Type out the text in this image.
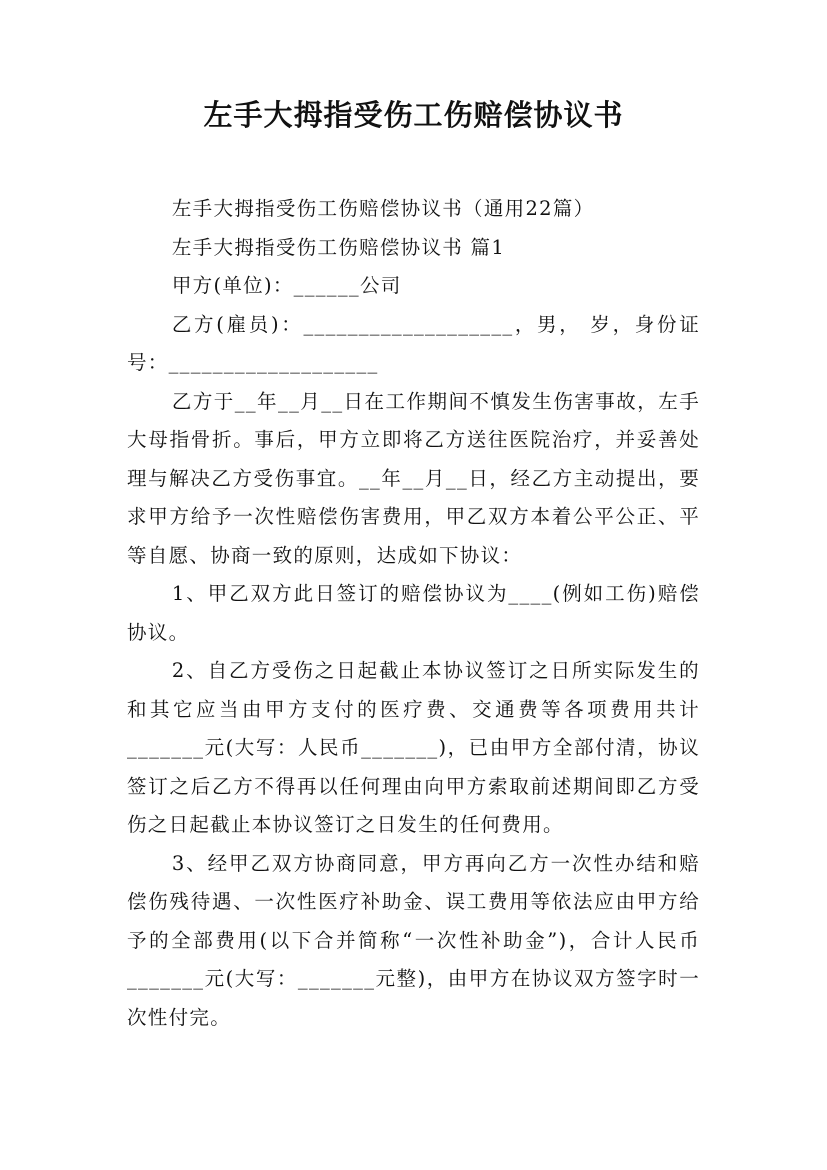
左手大拇指受伤工伤赔偿协议书

左手大拇指受伤工伤赔偿协议书（通用22篇）

左手大拇指受伤工伤赔偿协议书 篇1

甲方(单位)：______公司

乙方(雇员)：___________________，男， 岁，身份证号：___________________

乙方于__年__月__日在工作期间不慎发生伤害事故，左手大母指骨折。事后，甲方立即将乙方送往医院治疗，并妥善处理与解决乙方受伤事宜。__年__月__日，经乙方主动提出，要求甲方给予一次性赔偿伤害费用，甲乙双方本着公平公正、平等自愿、协商一致的原则，达成如下协议：

1、甲乙双方此日签订的赔偿协议为____(例如工伤)赔偿协议。

2、自乙方受伤之日起截止本协议签订之日所实际发生的和其它应当由甲方支付的医疗费、交通费等各项费用共计_______元(大写：人民币_______)，已由甲方全部付清，协议签订之后乙方不得再以任何理由向甲方索取前述期间即乙方受伤之日起截止本协议签订之日发生的任何费用。

3、经甲乙双方协商同意，甲方再向乙方一次性办结和赔偿伤残待遇、一次性医疗补助金、误工费用等依法应由甲方给予的全部费用(以下合并简称“一次性补助金”)，合计人民币_______元(大写：_______元整)，由甲方在协议双方签字时一次性付完。
